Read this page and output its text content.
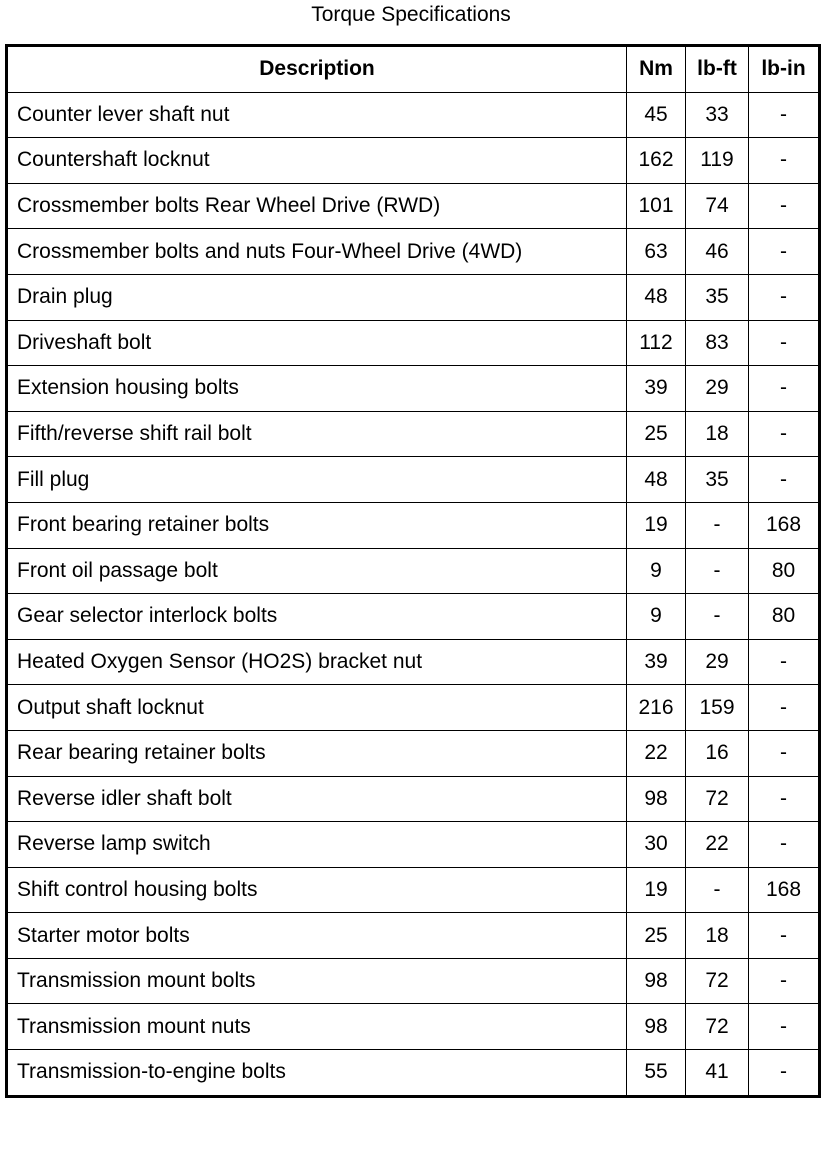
Torque Specifications
Description	Nm	lb-ft	lb-in
Counter lever shaft nut	45	33	-
Countershaft locknut	162	119	-
Crossmember bolts Rear Wheel Drive (RWD)	101	74	-
Crossmember bolts and nuts Four-Wheel Drive (4WD)	63	46	-
Drain plug	48	35	-
Driveshaft bolt	112	83	-
Extension housing bolts	39	29	-
Fifth/reverse shift rail bolt	25	18	-
Fill plug	48	35	-
Front bearing retainer bolts	19	-	168
Front oil passage bolt	9	-	80
Gear selector interlock bolts	9	-	80
Heated Oxygen Sensor (HO2S) bracket nut	39	29	-
Output shaft locknut	216	159	-
Rear bearing retainer bolts	22	16	-
Reverse idler shaft bolt	98	72	-
Reverse lamp switch	30	22	-
Shift control housing bolts	19	-	168
Starter motor bolts	25	18	-
Transmission mount bolts	98	72	-
Transmission mount nuts	98	72	-
Transmission-to-engine bolts	55	41	-
